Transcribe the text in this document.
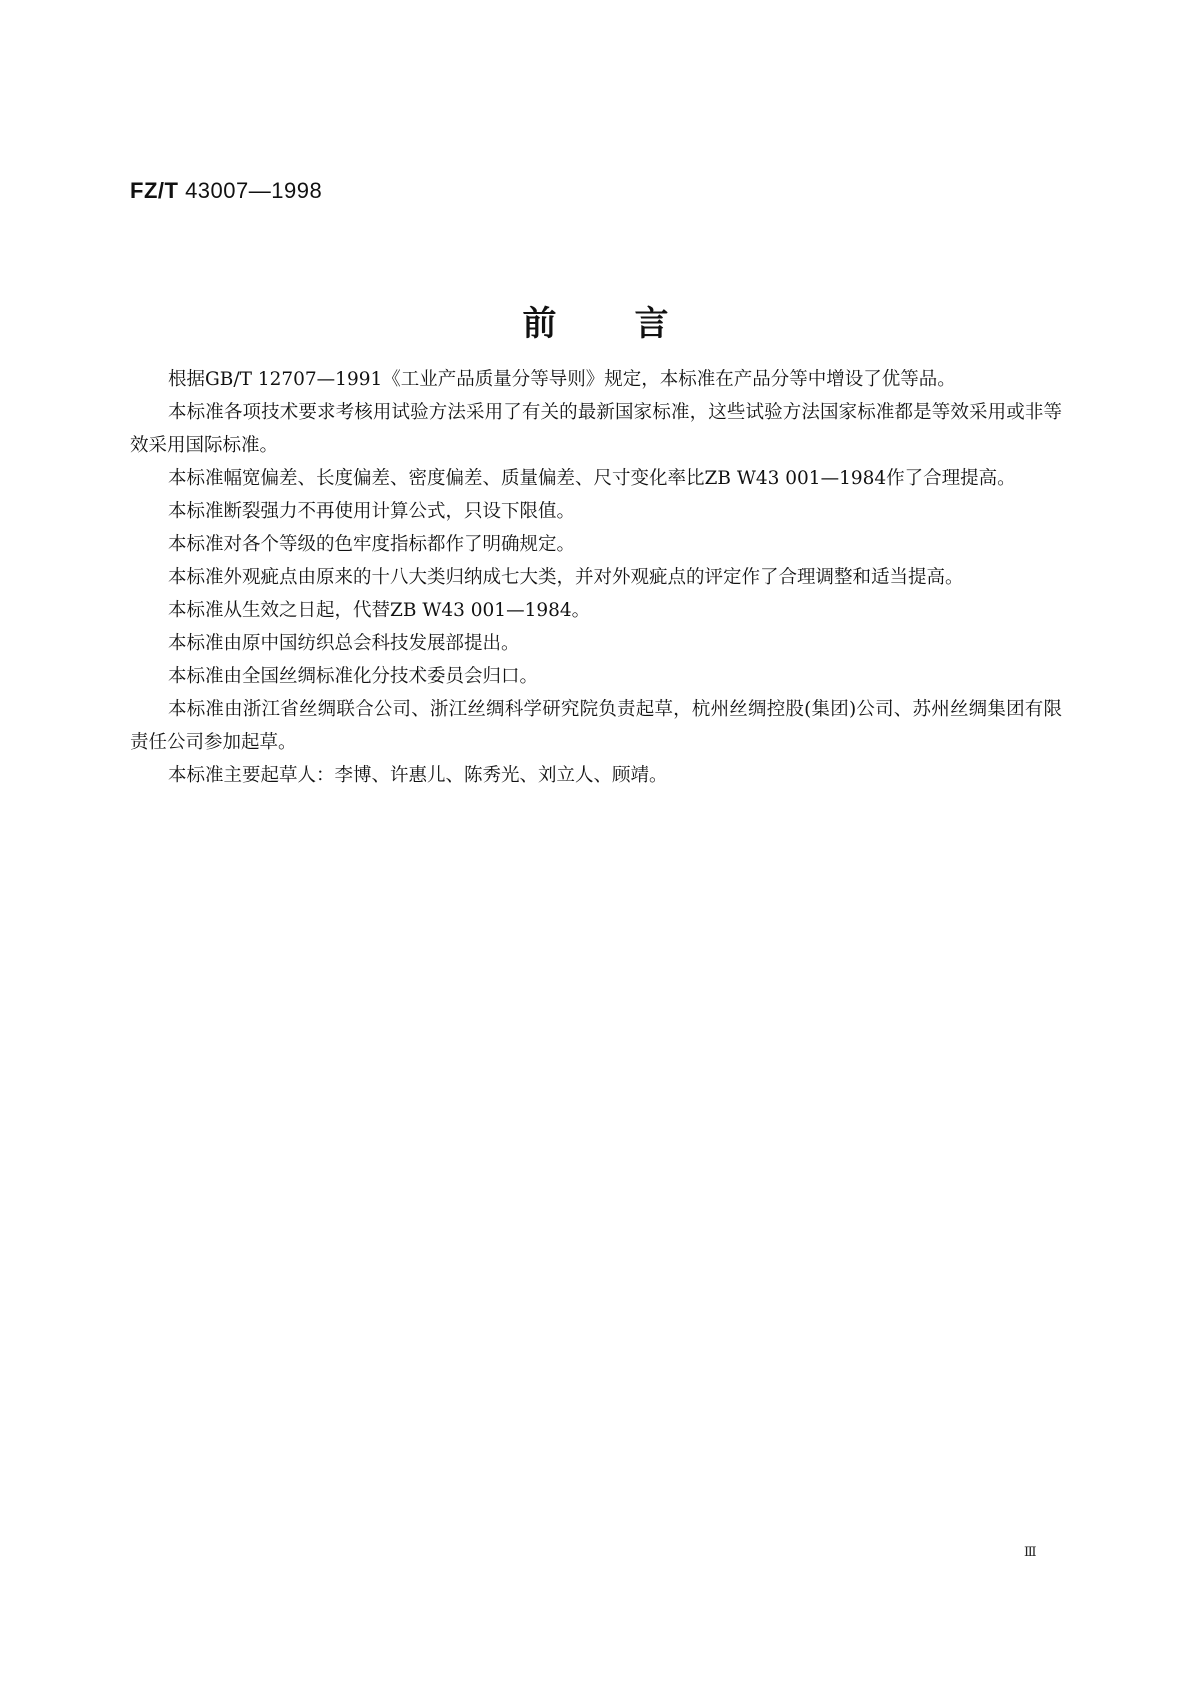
FZ/T 43007—1998
前言

根据GB/T 12707—1991《工业产品质量分等导则》规定，本标准在产品分等中增设了优等品。

本标准各项技术要求考核用试验方法采用了有关的最新国家标准，这些试验方法国家标准都是等效采用或非等效采用国际标准。

本标准幅宽偏差、长度偏差、密度偏差、质量偏差、尺寸变化率比ZB W43 001—1984作了合理提高。

本标准断裂强力不再使用计算公式，只设下限值。

本标准对各个等级的色牢度指标都作了明确规定。

本标准外观疵点由原来的十八大类归纳成七大类，并对外观疵点的评定作了合理调整和适当提高。

本标准从生效之日起，代替ZB W43 001—1984。

本标准由原中国纺织总会科技发展部提出。

本标准由全国丝绸标准化分技术委员会归口。

本标准由浙江省丝绸联合公司、浙江丝绸科学研究院负责起草，杭州丝绸控股(集团)公司、苏州丝绸集团有限责任公司参加起草。

本标准主要起草人：李博、许惠儿、陈秀光、刘立人、顾靖。

Ⅲ
